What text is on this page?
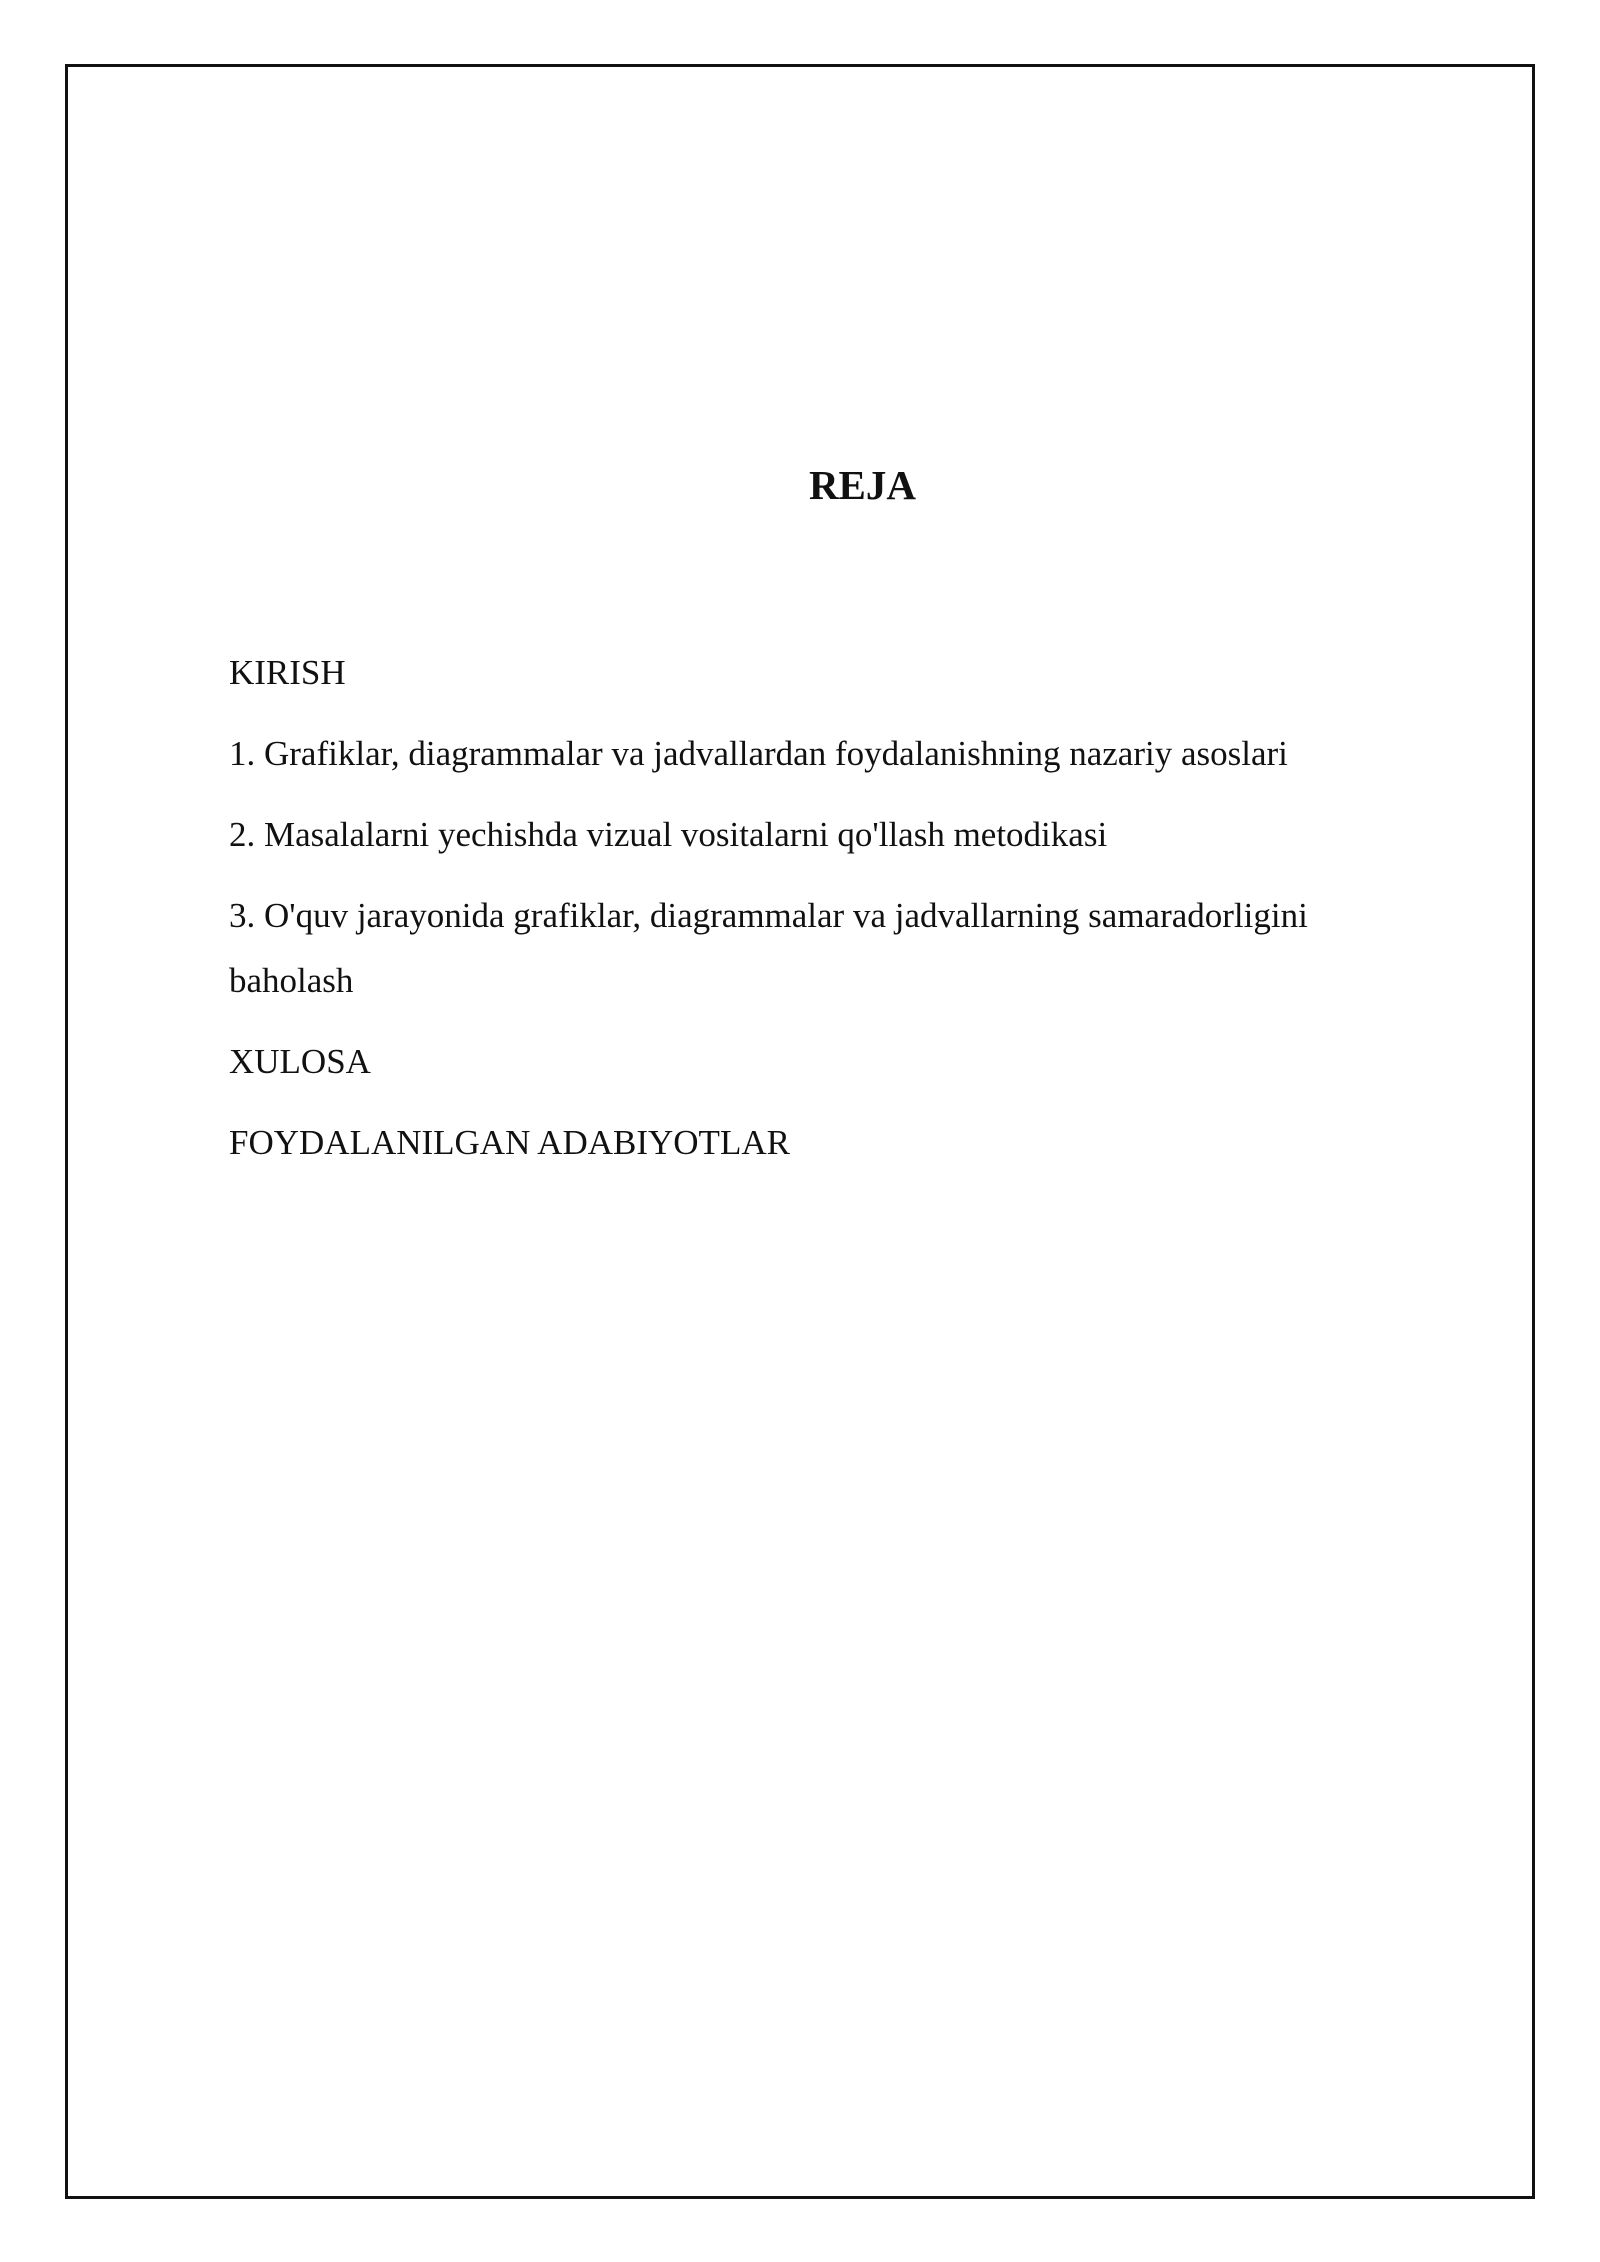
REJA
KIRISH
1. Grafiklar, diagrammalar va jadvallardan foydalanishning nazariy asoslari
2. Masalalarni yechishda vizual vositalarni qo'llash metodikasi
3. O'quv jarayonida grafiklar, diagrammalar va jadvallarning samaradorligini baholash
XULOSA
FOYDALANILGAN ADABIYOTLAR
